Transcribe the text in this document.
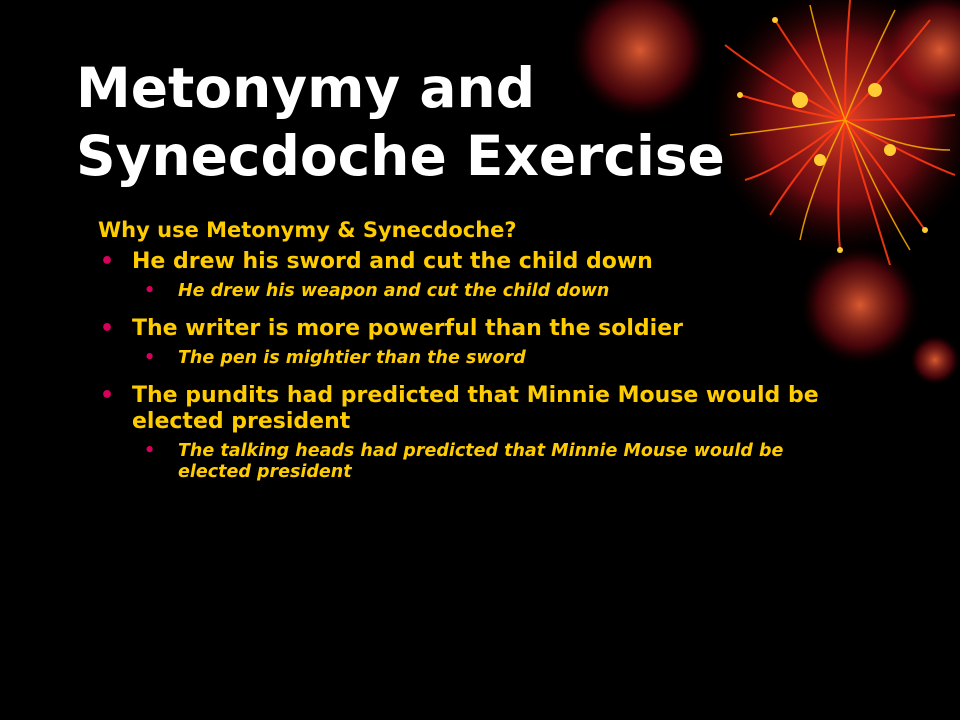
Metonymy and
Synecdoche Exercise

Why use Metonymy & Synecdoche?

• He drew his sword and cut the child down

• He drew his weapon and cut the child down

• The writer is more powerful than the soldier

• The pen is mightier than the sword

• The pundits had predicted that Minnie Mouse would be elected president

• The talking heads had predicted that Minnie Mouse would be elected president
